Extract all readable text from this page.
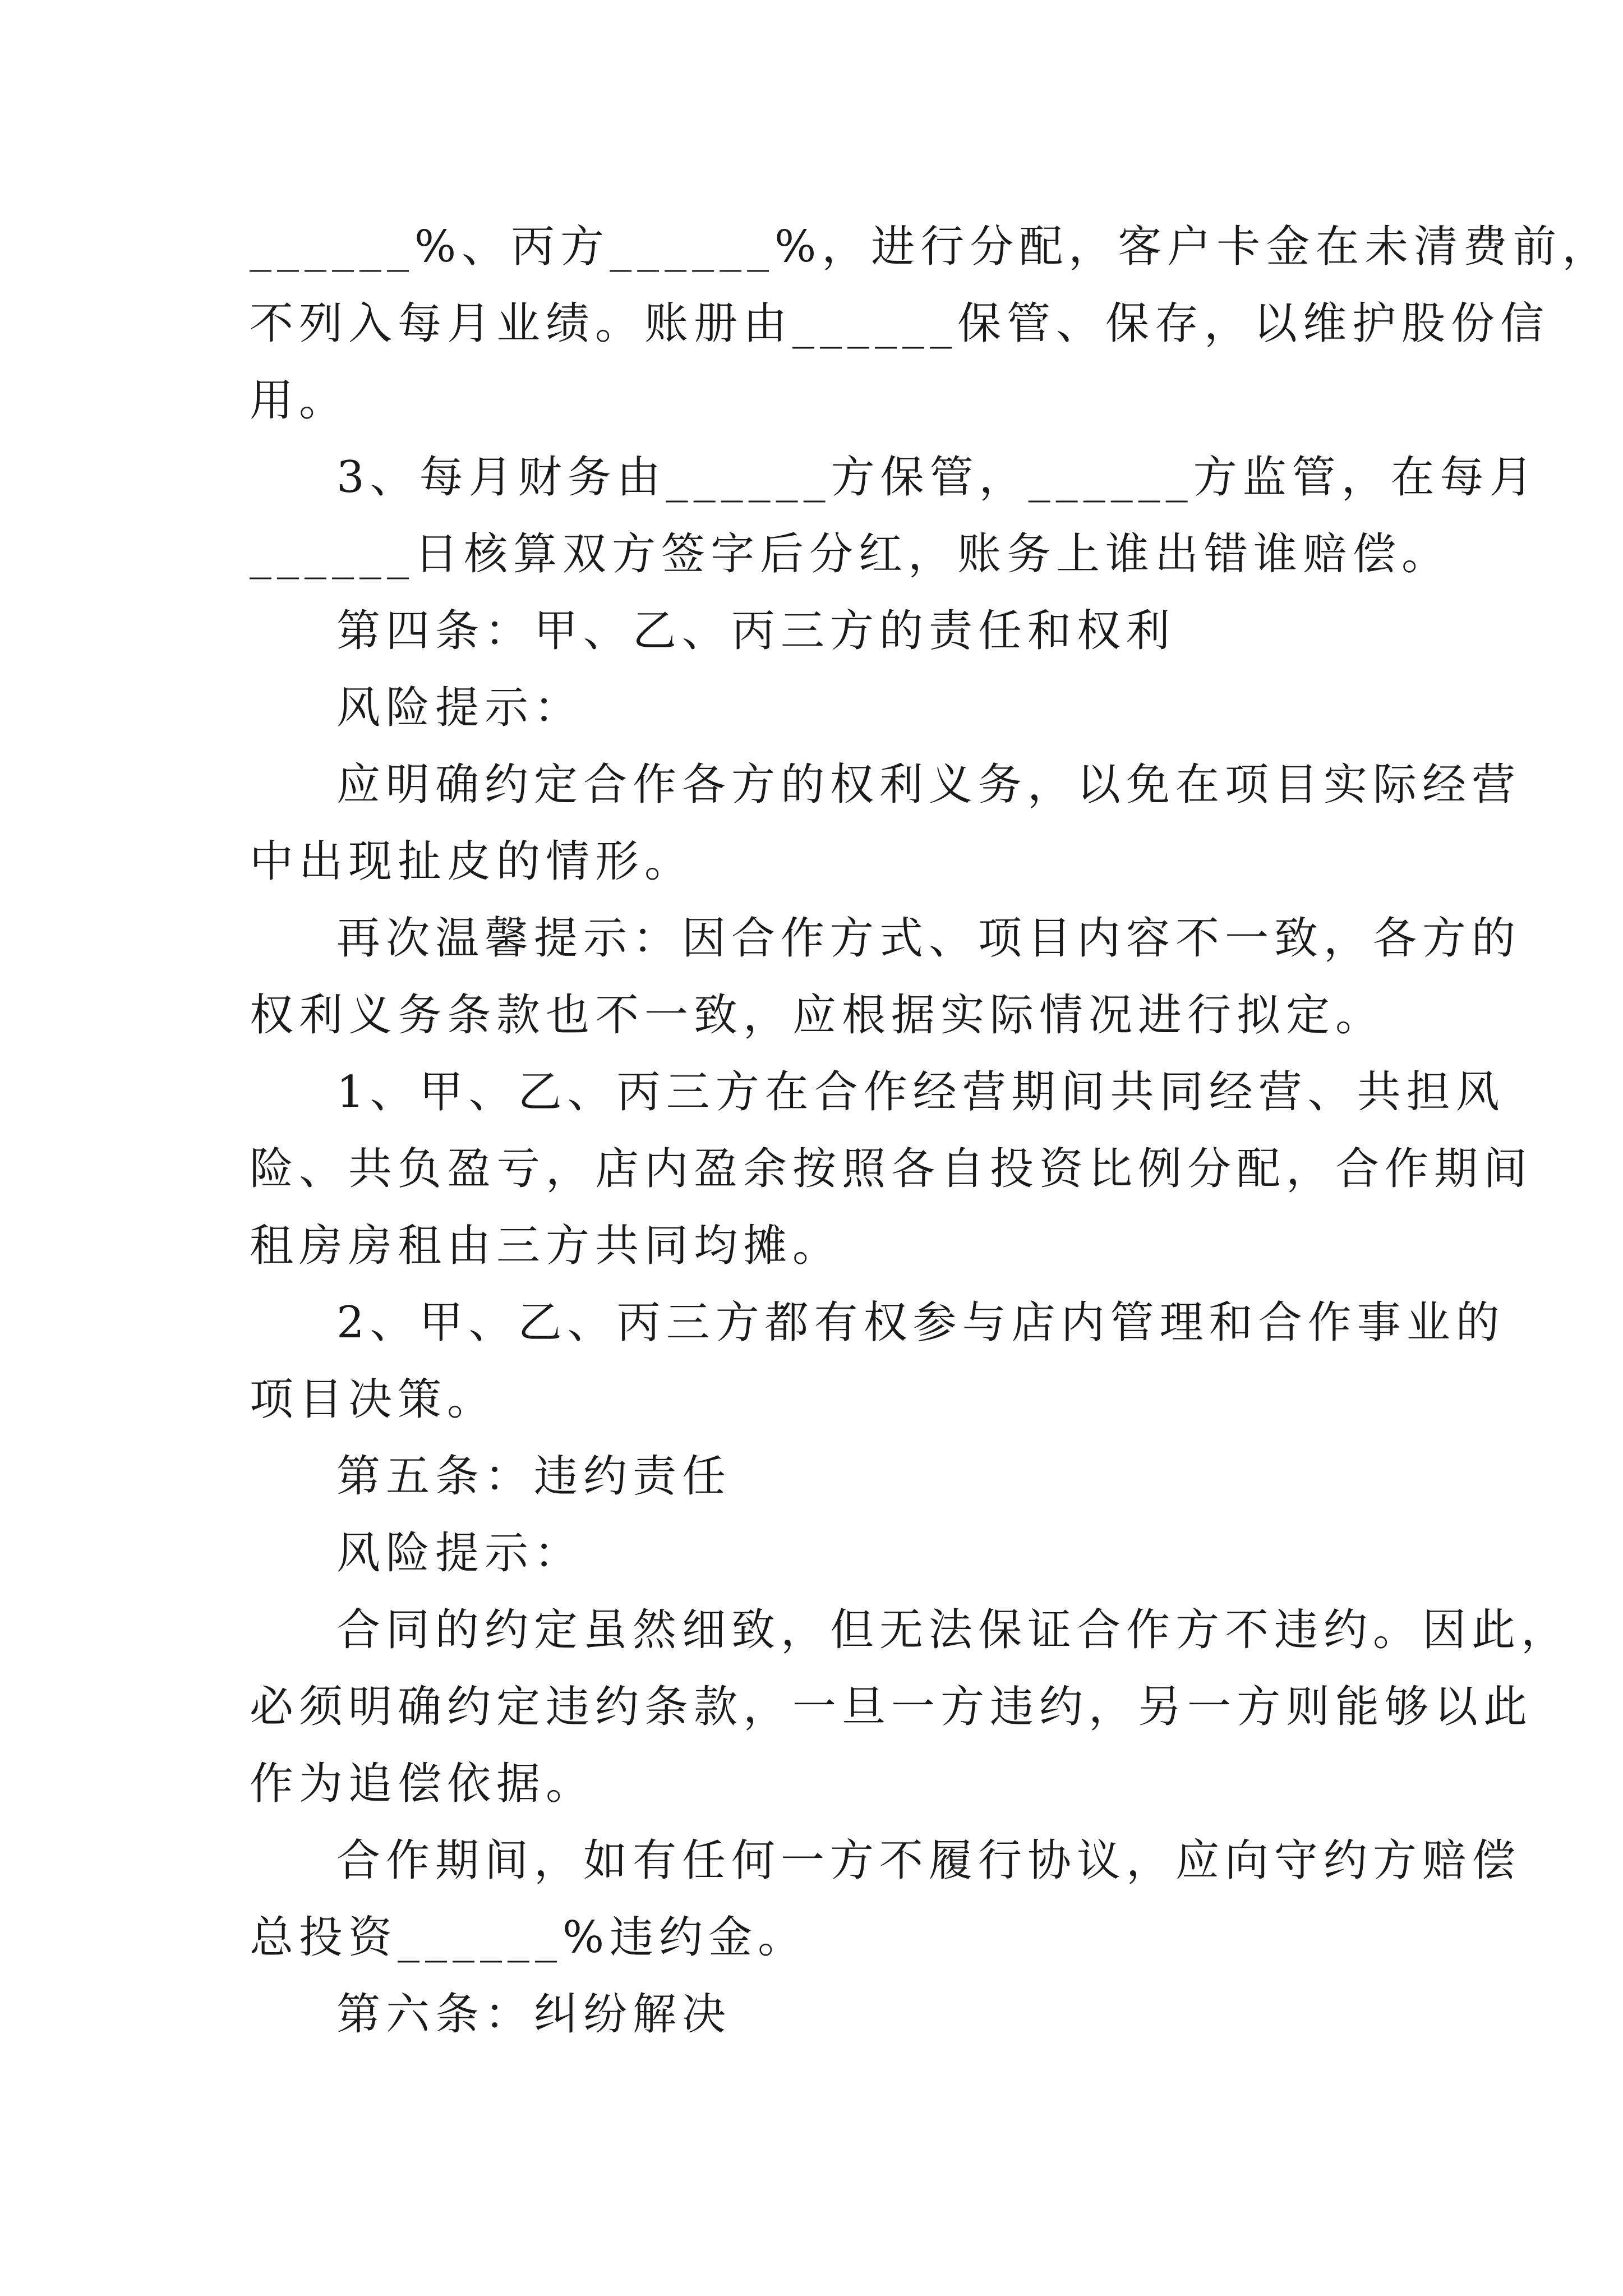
______%、丙方______%，进行分配，客户卡金在未清费前，
不列入每月业绩。账册由______保管、保存，以维护股份信
用。
3、每月财务由______方保管，______方监管，在每月
______日核算双方签字后分红，账务上谁出错谁赔偿。
第四条：甲、乙、丙三方的责任和权利
风险提示：
应明确约定合作各方的权利义务，以免在项目实际经营
中出现扯皮的情形。
再次温馨提示：因合作方式、项目内容不一致，各方的
权利义务条款也不一致，应根据实际情况进行拟定。
1、甲、乙、丙三方在合作经营期间共同经营、共担风
险、共负盈亏，店内盈余按照各自投资比例分配，合作期间
租房房租由三方共同均摊。
2、甲、乙、丙三方都有权参与店内管理和合作事业的
项目决策。
第五条：违约责任
风险提示：
合同的约定虽然细致，但无法保证合作方不违约。因此，
必须明确约定违约条款，一旦一方违约，另一方则能够以此
作为追偿依据。
合作期间，如有任何一方不履行协议，应向守约方赔偿
总投资______%违约金。
第六条：纠纷解决
